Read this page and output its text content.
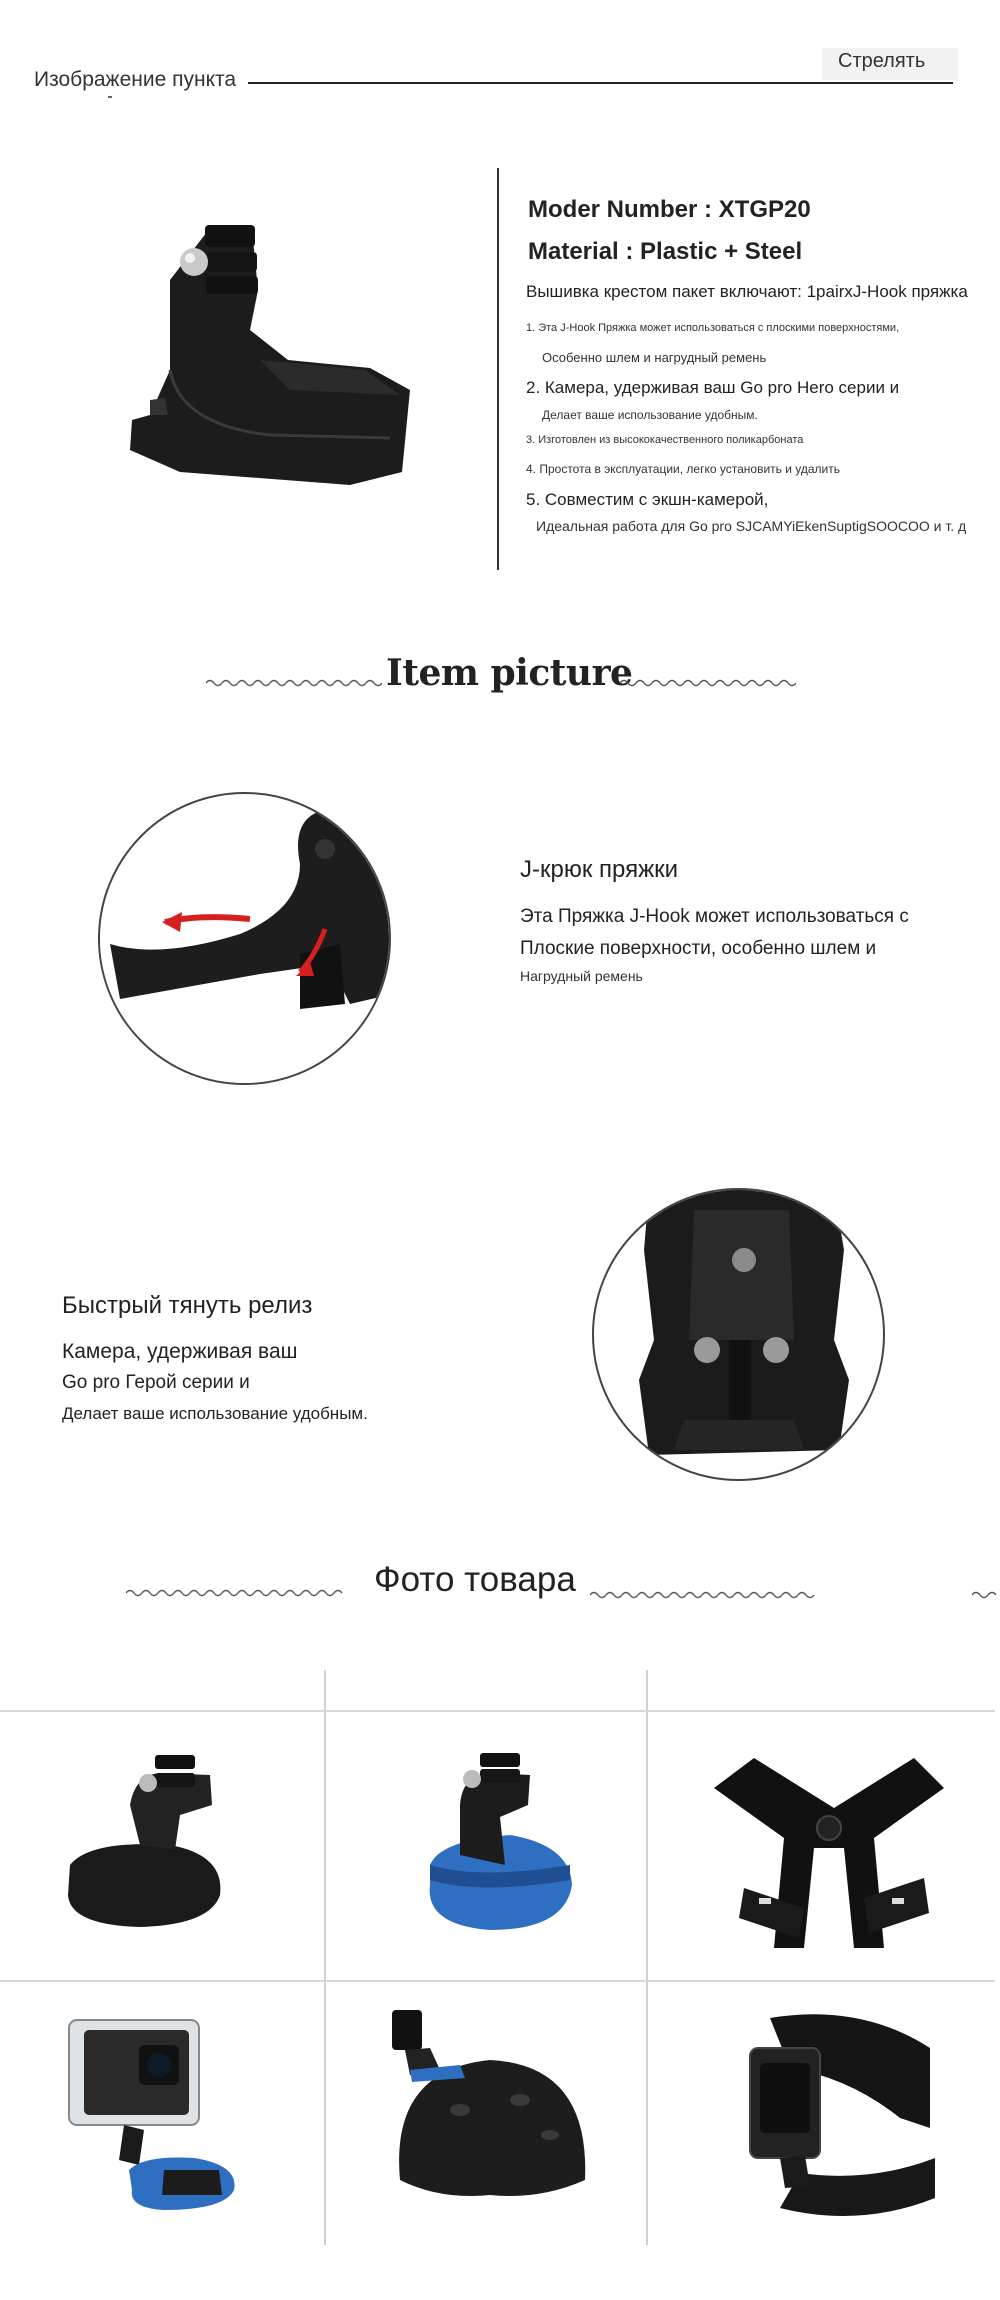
Изображение пункта
Стрелять
Moder Number : XTGP20
Material : Plastic + Steel
Вышивка крестом пакет включают: 1pairxJ-Hook пряжка
1. Эта J-Hook Пряжка может использоваться с плоскими поверхностями,
Особенно шлем и нагрудный ремень
2. Камера, удерживая ваш Go pro Hero серии и
Делает ваше использование удобным.
3. Изготовлен из высококачественного поликарбоната
4. Простота в эксплуатации, легко установить и удалить
5. Совместим с экшн-камерой,
Идеальная работа для Go pro SJCAMYiEkenSuptigSOOCOO и т. д
Item picture
J-крюк пряжки
Эта Пряжка J-Hook может использоваться с
Плоские поверхности, особенно шлем и
Нагрудный ремень
Быстрый тянуть релиз
Камера, удерживая ваш
Go pro Герой серии и
Делает ваше использование удобным.
Фото товара
